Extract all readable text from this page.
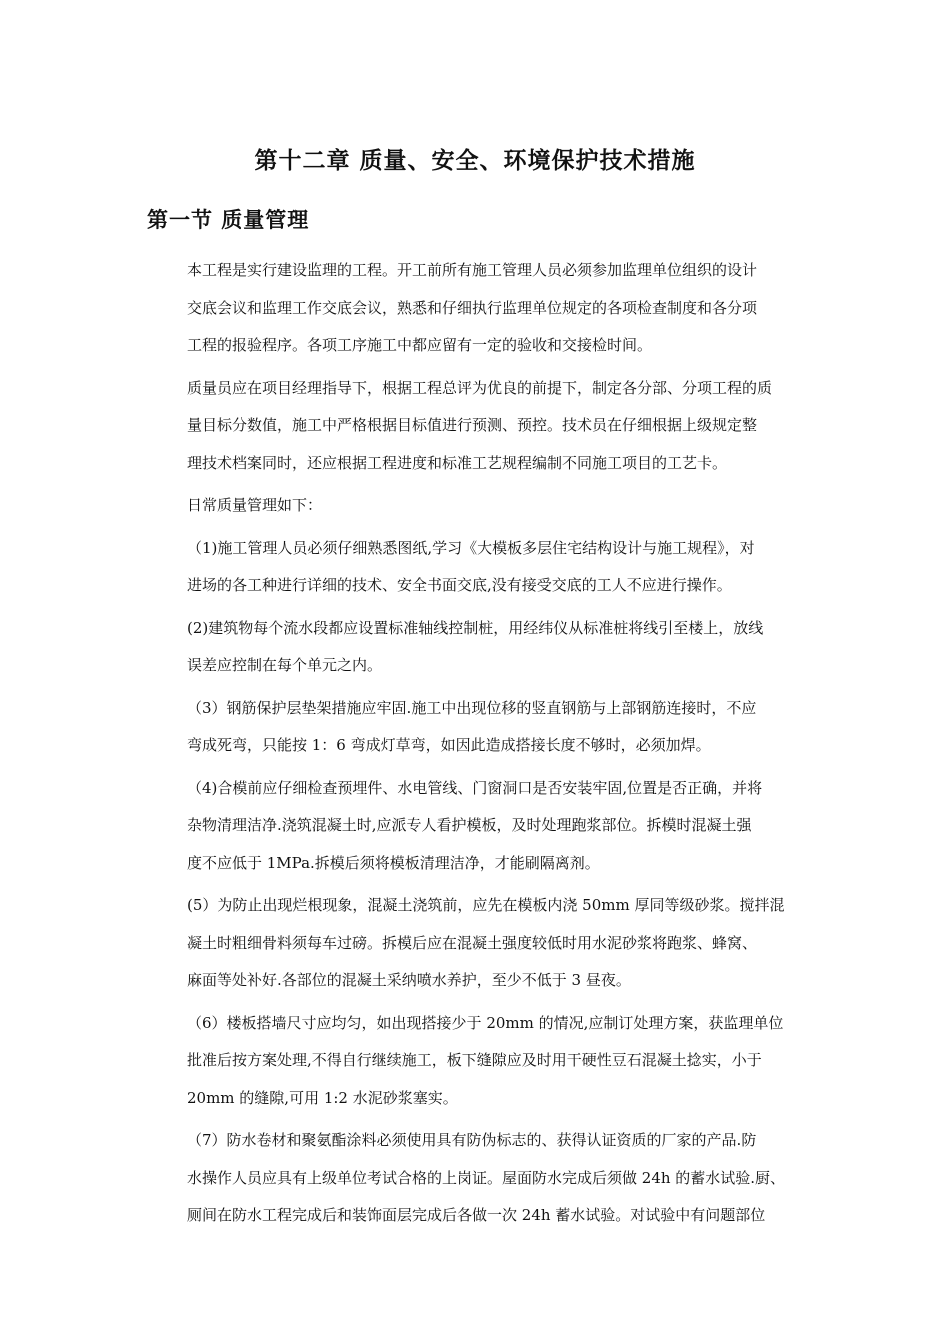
第十二章 质量、安全、环境保护技术措施
第一节 质量管理

本工程是实行建设监理的工程。开工前所有施工管理人员必须参加监理单位组织的设计
交底会议和监理工作交底会议，熟悉和仔细执行监理单位规定的各项检查制度和各分项
工程的报验程序。各项工序施工中都应留有一定的验收和交接检时间。

质量员应在项目经理指导下，根据工程总评为优良的前提下，制定各分部、分项工程的质
量目标分数值，施工中严格根据目标值进行预测、预控。技术员在仔细根据上级规定整
理技术档案同时，还应根据工程进度和标准工艺规程编制不同施工项目的工艺卡。

日常质量管理如下：

（1)施工管理人员必须仔细熟悉图纸,学习《大模板多层住宅结构设计与施工规程》，对
进场的各工种进行详细的技术、安全书面交底,没有接受交底的工人不应进行操作。

(2)建筑物每个流水段都应设置标准轴线控制桩，用经纬仪从标准桩将线引至楼上，放线
误差应控制在每个单元之内。

（3）钢筋保护层垫架措施应牢固.施工中出现位移的竖直钢筋与上部钢筋连接时，不应
弯成死弯，只能按 1：6 弯成灯草弯，如因此造成搭接长度不够时，必须加焊。

（4)合模前应仔细检查预埋件、水电管线、门窗洞口是否安装牢固,位置是否正确，并将
杂物清理洁净.浇筑混凝土时,应派专人看护模板，及时处理跑浆部位。拆模时混凝土强
度不应低于 1MPa.拆模后须将模板清理洁净，才能刷隔离剂。

(5）为防止出现烂根现象，混凝土浇筑前，应先在模板内浇 50mm 厚同等级砂浆。搅拌混
凝土时粗细骨料须每车过磅。拆模后应在混凝土强度较低时用水泥砂浆将跑浆、蜂窝、
麻面等处补好.各部位的混凝土采纳喷水养护，至少不低于 3 昼夜。

（6）楼板搭墙尺寸应均匀，如出现搭接少于 20mm 的情况,应制订处理方案，获监理单位
批准后按方案处理,不得自行继续施工，板下缝隙应及时用干硬性豆石混凝土捻实，小于
20mm 的缝隙,可用 1:2 水泥砂浆塞实。

（7）防水卷材和聚氨酯涂料必须使用具有防伪标志的、获得认证资质的厂家的产品.防
水操作人员应具有上级单位考试合格的上岗证。屋面防水完成后须做 24h 的蓄水试验.厨、
厕间在防水工程完成后和装饰面层完成后各做一次 24h 蓄水试验。对试验中有问题部位
